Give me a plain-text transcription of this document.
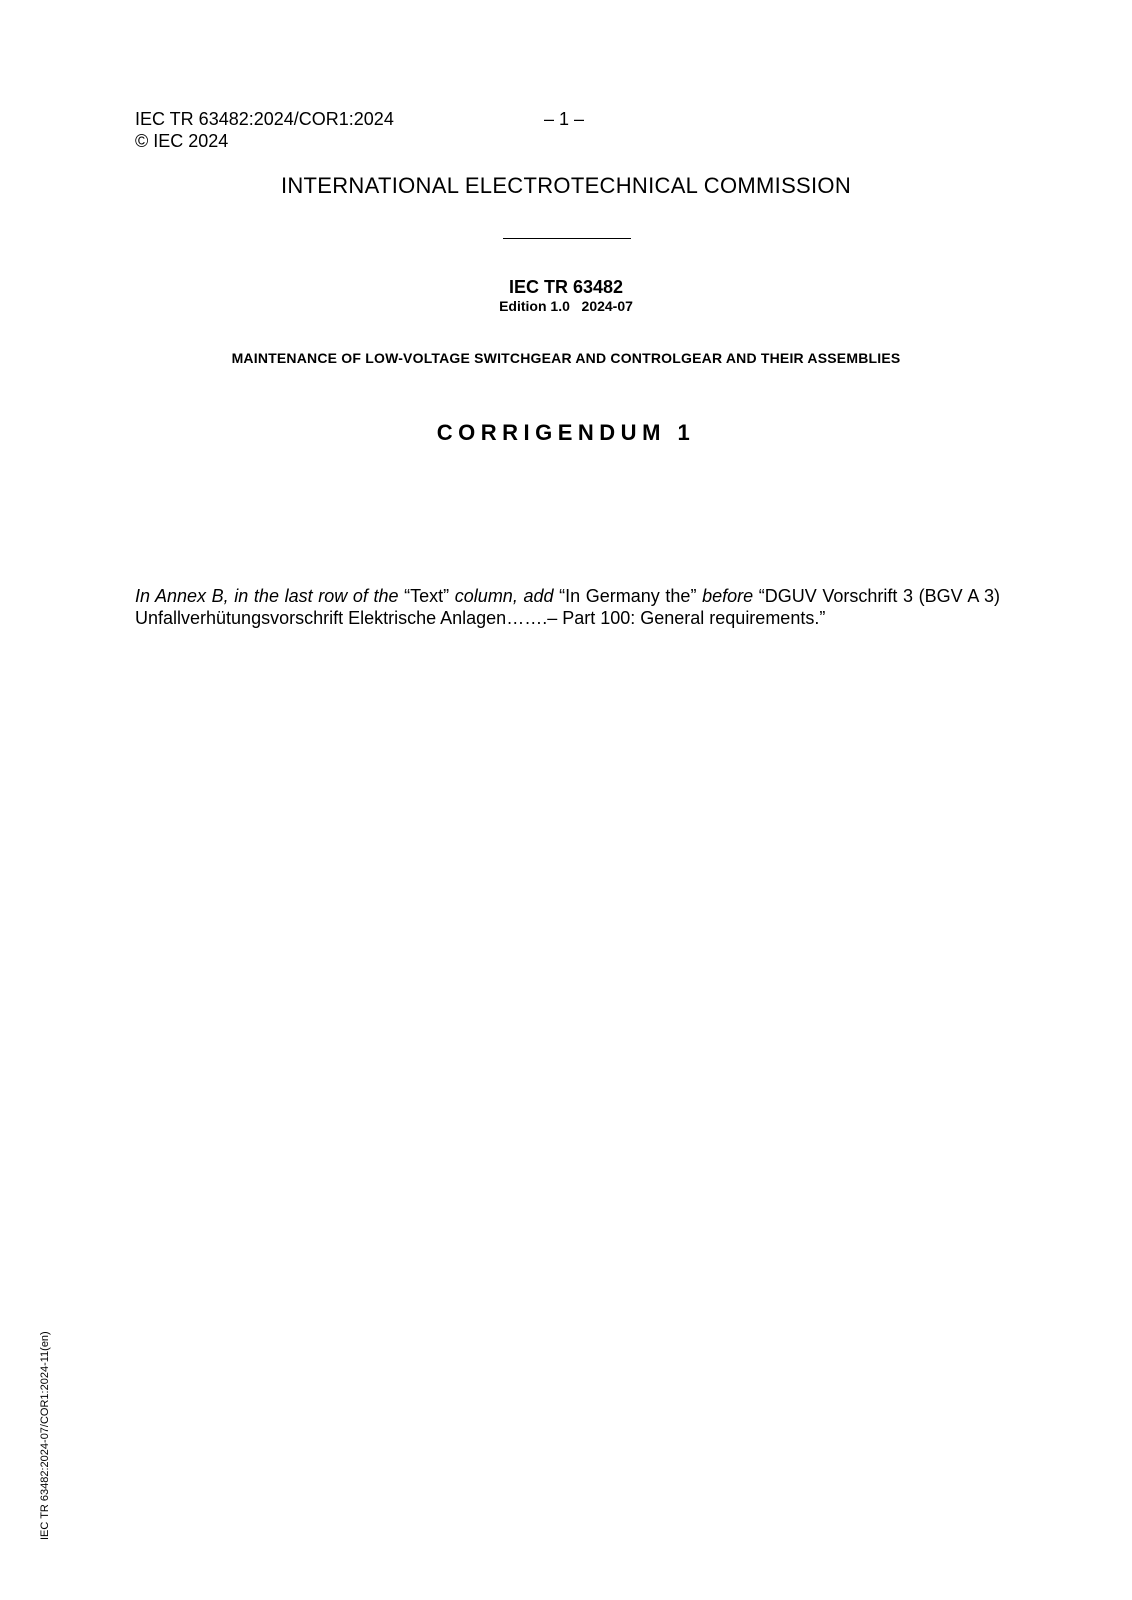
IEC TR 63482:2024/COR1:2024	– 1 –
© IEC 2024
INTERNATIONAL ELECTROTECHNICAL COMMISSION
IEC TR 63482
Edition 1.0   2024-07
MAINTENANCE OF LOW-VOLTAGE SWITCHGEAR AND CONTROLGEAR AND THEIR ASSEMBLIES
CORRIGENDUM 1
In Annex B, in the last row of the “Text” column, add “In Germany the” before “DGUV Vorschrift 3 (BGV A 3) Unfallverhütungsvorschrift Elektrische Anlagen…….– Part 100: General requirements.”
IEC TR 63482:2024-07/COR1:2024-11(en)
